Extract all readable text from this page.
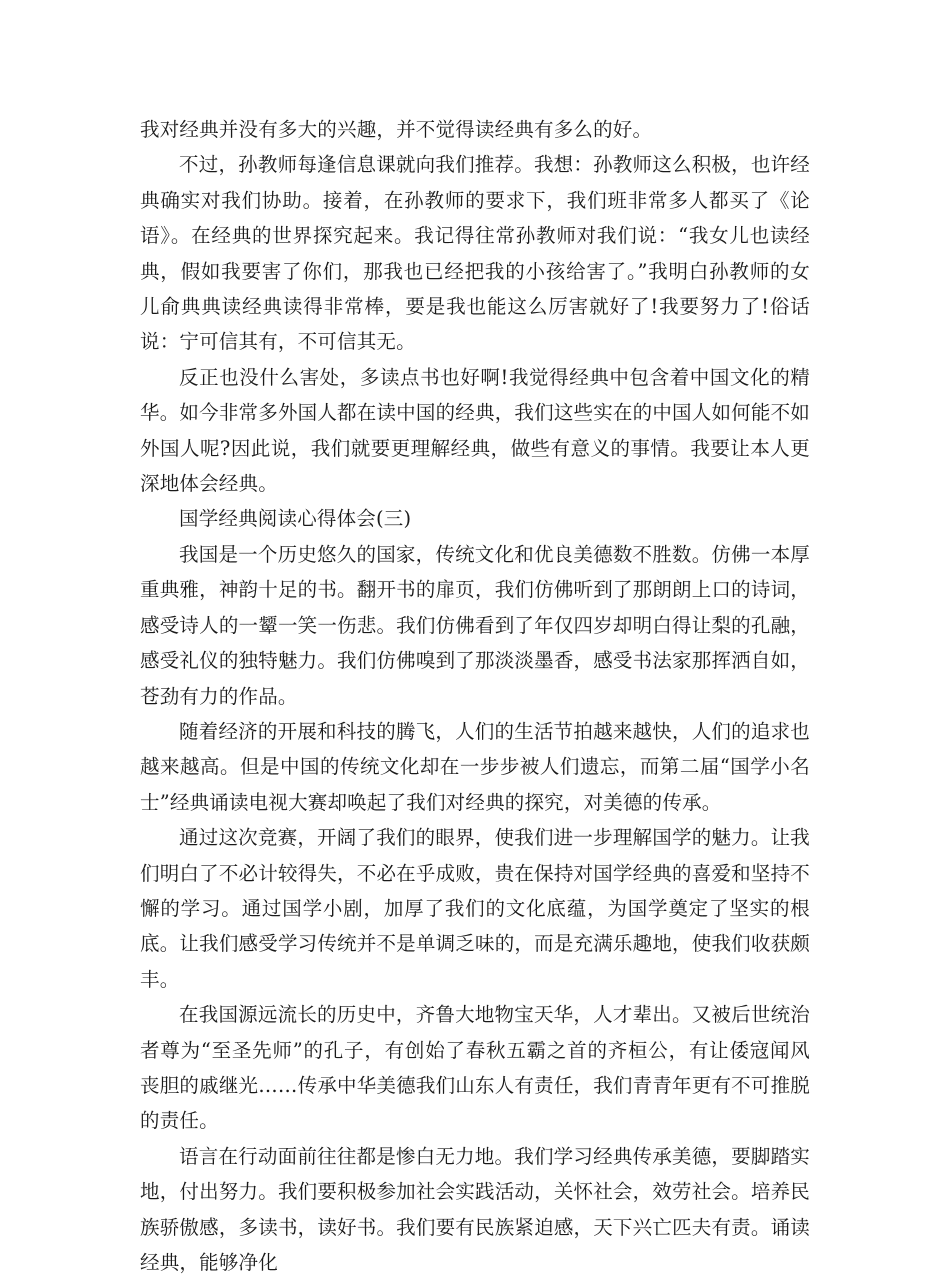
我对经典并没有多大的兴趣，并不觉得读经典有多么的好。

不过，孙教师每逢信息课就向我们推荐。我想：孙教师这么积极，也许经典确实对我们协助。接着，在孙教师的要求下，我们班非常多人都买了《论语》。在经典的世界探究起来。我记得往常孙教师对我们说：“我女儿也读经典，假如我要害了你们，那我也已经把我的小孩给害了。”我明白孙教师的女儿俞典典读经典读得非常棒，要是我也能这么厉害就好了!我要努力了!俗话说：宁可信其有，不可信其无。

反正也没什么害处，多读点书也好啊!我觉得经典中包含着中国文化的精华。如今非常多外国人都在读中国的经典，我们这些实在的中国人如何能不如外国人呢?因此说，我们就要更理解经典，做些有意义的事情。我要让本人更深地体会经典。

国学经典阅读心得体会(三)

我国是一个历史悠久的国家，传统文化和优良美德数不胜数。仿佛一本厚重典雅，神韵十足的书。翻开书的扉页，我们仿佛听到了那朗朗上口的诗词，感受诗人的一颦一笑一伤悲。我们仿佛看到了年仅四岁却明白得让梨的孔融，感受礼仪的独特魅力。我们仿佛嗅到了那淡淡墨香，感受书法家那挥洒自如，苍劲有力的作品。

随着经济的开展和科技的腾飞，人们的生活节拍越来越快，人们的追求也越来越高。但是中国的传统文化却在一步步被人们遗忘，而第二届“国学小名士”经典诵读电视大赛却唤起了我们对经典的探究，对美德的传承。

通过这次竞赛，开阔了我们的眼界，使我们进一步理解国学的魅力。让我们明白了不必计较得失，不必在乎成败，贵在保持对国学经典的喜爱和坚持不懈的学习。通过国学小剧，加厚了我们的文化底蕴，为国学奠定了坚实的根底。让我们感受学习传统并不是单调乏味的，而是充满乐趣地，使我们收获颇丰。

在我国源远流长的历史中，齐鲁大地物宝天华，人才辈出。又被后世统治者尊为“至圣先师”的孔子，有创始了春秋五霸之首的齐桓公，有让倭寇闻风丧胆的戚继光……传承中华美德我们山东人有责任，我们青青年更有不可推脱的责任。

语言在行动面前往往都是惨白无力地。我们学习经典传承美德，要脚踏实地，付出努力。我们要积极参加社会实践活动，关怀社会，效劳社会。培养民族骄傲感，多读书，读好书。我们要有民族紧迫感，天下兴亡匹夫有责。诵读经典，能够净化
